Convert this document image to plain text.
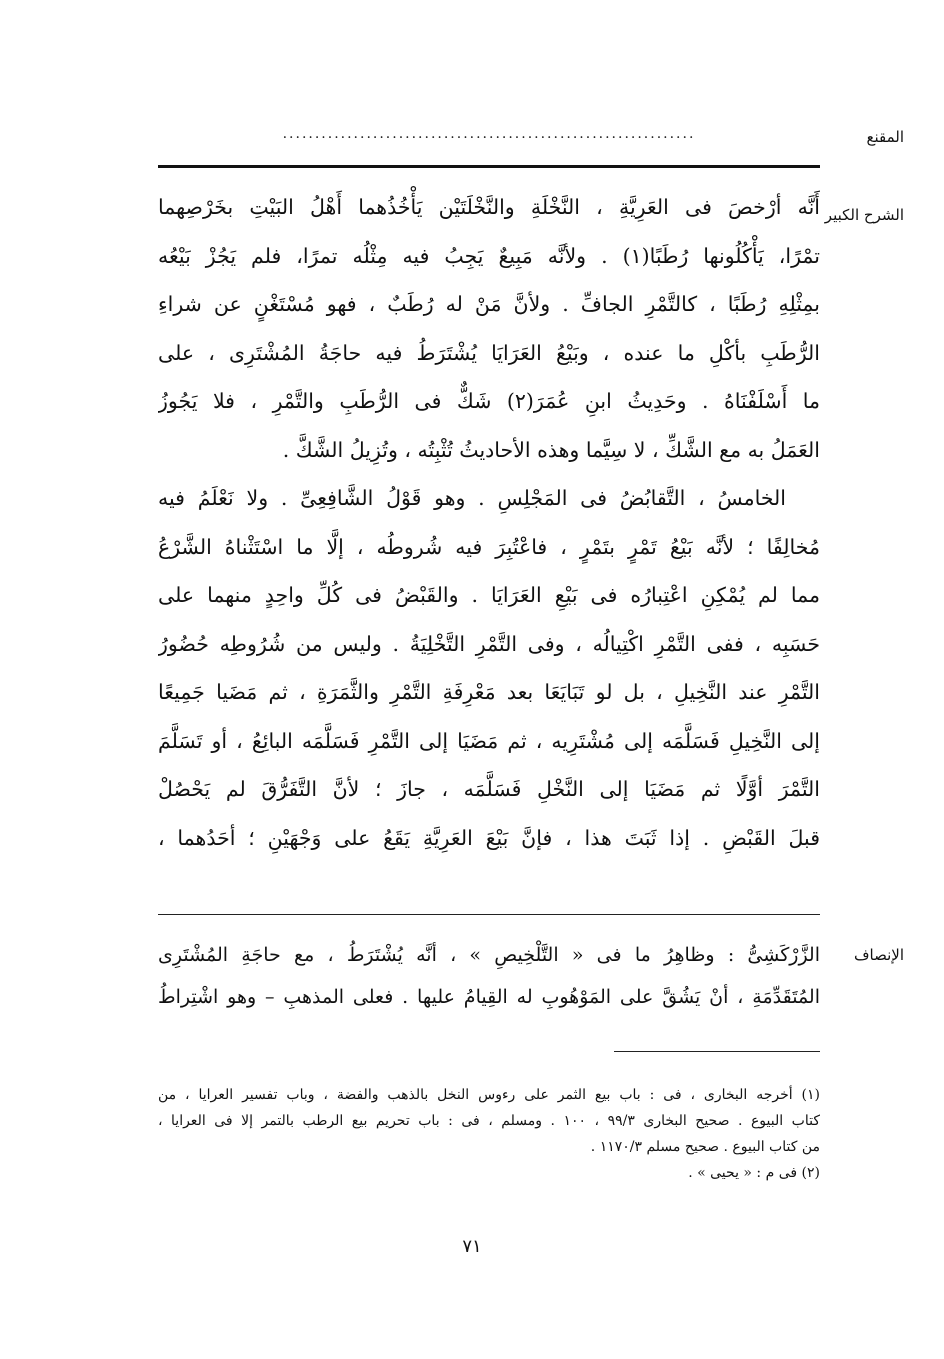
المقنع
................................................................
الشرح الكبير
أَنَّه أرْخصَ فى العَرِيَّةِ ، النَّخْلَةِ والنَّخْلَتَيْن يَأْخُذُهما أَهْلُ البَيْتِ بخَرْصِهما
تمْرًا، يَأْكُلُونها رُطَبًا(١) . ولأنَّه مَبِيعٌ يَجِبُ فيه مِثْلُه تمرًا، فلم يَجُزْ بَيْعُه
بمِثْلِهِ رُطَبًا ، كالتَّمْرِ الجافِّ . ولأنَّ مَنْ له رُطَبٌ ، فهو مُسْتَغْنٍ عن شراءِ
الرُّطَبِ بأكْلِ ما عنده ، وبَيْعُ العَرَايَا يُشْتَرَطُ فيه حاجَةُ المُشْتَرِى ، على
ما أَسْلَفْنَاهُ . وحَدِيثُ ابنِ عُمَرَ(٢) شَكٌّ فى الرُّطَبِ والتَّمْرِ ، فلا يَجُوزُ
العَمَلُ به مع الشَّكِّ ، لا سِيَّما وهذه الأحاديثُ تُثْبِتُه ، وتُزِيلُ الشَّكَّ .
الخامسُ ، التَّقابُضُ فى المَجْلِسِ . وهو قَوْلُ الشَّافِعِىِّ . ولا نَعْلَمُ فيه
مُخالِفًا ؛ لأنَّه بَيْعُ تَمْرٍ بتَمْرٍ ، فاعْتُبِرَ فيه شُروطُه ، إلَّا ما اسْتَثْناهُ الشَّرْعُ
مما لم يُمْكِنِ اعْتِبارُه فى بَيْعِ العَرَايَا . والقَبْضُ فى كُلِّ واحِدٍ منهما على
حَسَبِه ، ففى التَّمْرِ اكْتِيالُه ، وفى التَّمْرِ التَّخْلِيَةُ . وليس من شُرُوطِه حُضُورُ
التَّمْرِ عند النَّخِيلِ ، بل لو تَبَايَعَا بعد مَعْرِفَةِ التَّمْرِ والثَّمَرَةِ ، ثم مَضَيا جَمِيعًا
إلى النَّخِيلِ فَسَلَّمَه إلى مُشْتَرِيه ، ثم مَضَيَا إلى التَّمْرِ فَسَلَّمَه البائِعُ ، أو تَسَلَّمَ
التَّمْرَ أوَّلًا ثم مَضَيَا إلى النَّخْلِ فَسَلَّمَه ، جازَ ؛ لأنَّ التَّفَرُّقَ لم يَحْصُلْ
قبلَ القَبْضِ . إذا ثَبَتَ هذا ، فإنَّ بَيْعَ العَرِيَّةِ يَقَعُ على وَجْهَيْنِ ؛ أحَدُهما ،
الإنصاف
الزَّرْكَشِىُّ : وظاهِرُ ما فى « التَّلْخِيصِ » ، أنَّه يُشْتَرَطُ ، مع حاجَةِ المُشْتَرِى
المُتَقَدِّمَةِ ، أنْ يَشُقَّ على المَوْهُوبِ له القِيامُ عليها . فعلى المذهبِ – وهو اشْتِراطُ
(١) أخرجه البخارى ، فى : باب بيع الثمر على رءوس النخل بالذهب والفضة ، وباب تفسير العرايا ، من
كتاب البيوع . صحيح البخارى ٩٩/٣ ، ١٠٠ . ومسلم ، فى : باب تحريم بيع الرطب بالتمر إلا فى العرايا ،
من كتاب البيوع . صحيح مسلم ١١٧٠/٣ .
(٢) فى م : « يحيى » .
٧١
